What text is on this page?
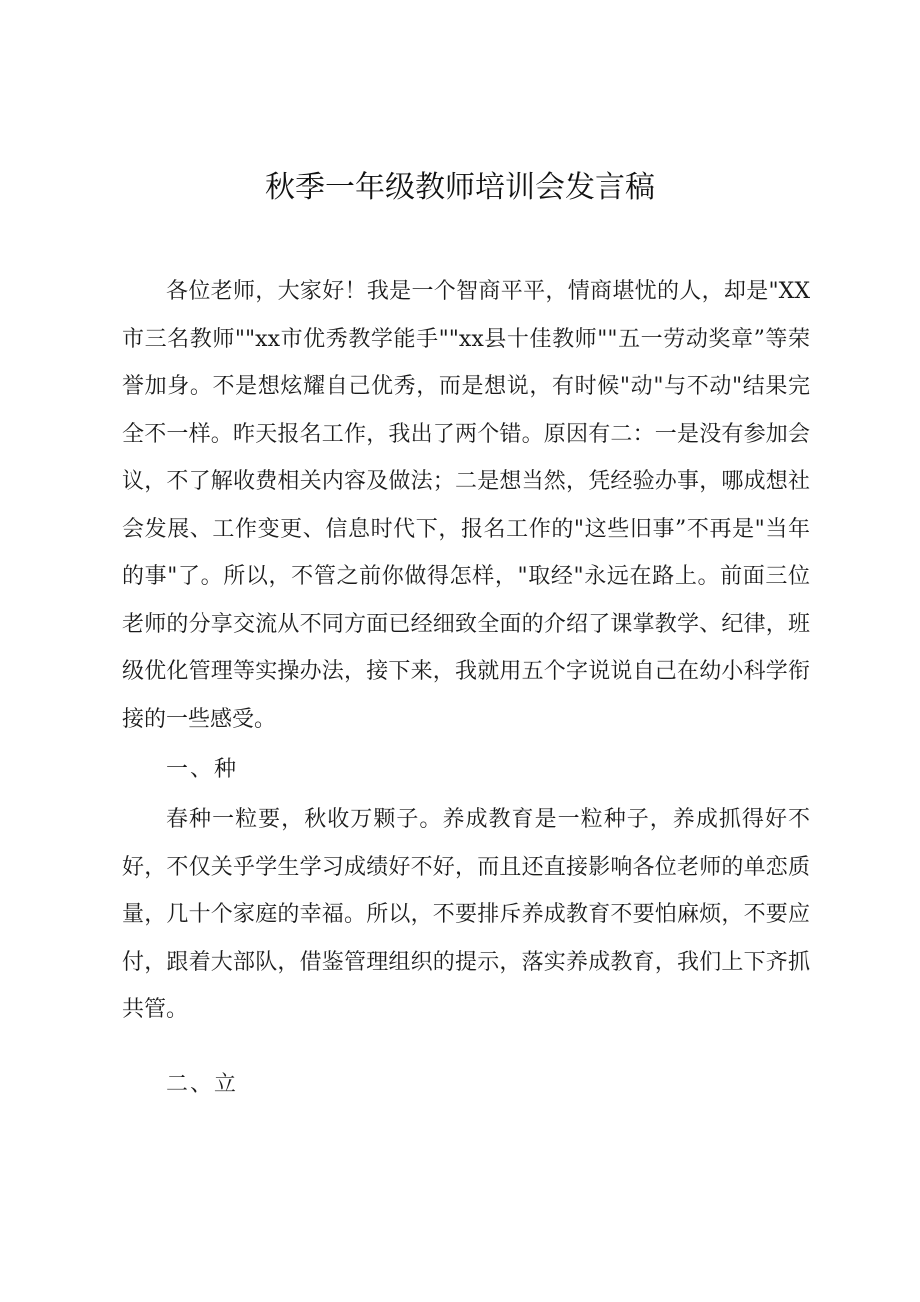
秋季一年级教师培训会发言稿

各位老师，大家好！我是一个智商平平，情商堪忧的人，却是"XX市三名教师""xx市优秀教学能手""xx县十佳教师""五一劳动奖章”等荣誉加身。不是想炫耀自己优秀，而是想说，有时候"动"与不动"结果完全不一样。昨天报名工作，我出了两个错。原因有二：一是没有参加会议，不了解收费相关内容及做法；二是想当然，凭经验办事，哪成想社会发展、工作变更、信息时代下，报名工作的"这些旧事”不再是"当年的事"了。所以，不管之前你做得怎样，"取经"永远在路上。前面三位老师的分享交流从不同方面已经细致全面的介绍了课掌教学、纪律，班级优化管理等实操办法，接下来，我就用五个字说说自己在幼小科学衔接的一些感受。

一、种

春种一粒要，秋收万颗子。养成教育是一粒种子，养成抓得好不好，不仅关乎学生学习成绩好不好，而且还直接影响各位老师的单恋质量，几十个家庭的幸福。所以，不要排斥养成教育不要怕麻烦，不要应付，跟着大部队，借鉴管理组织的提示，落实养成教育，我们上下齐抓共管。

二、立
